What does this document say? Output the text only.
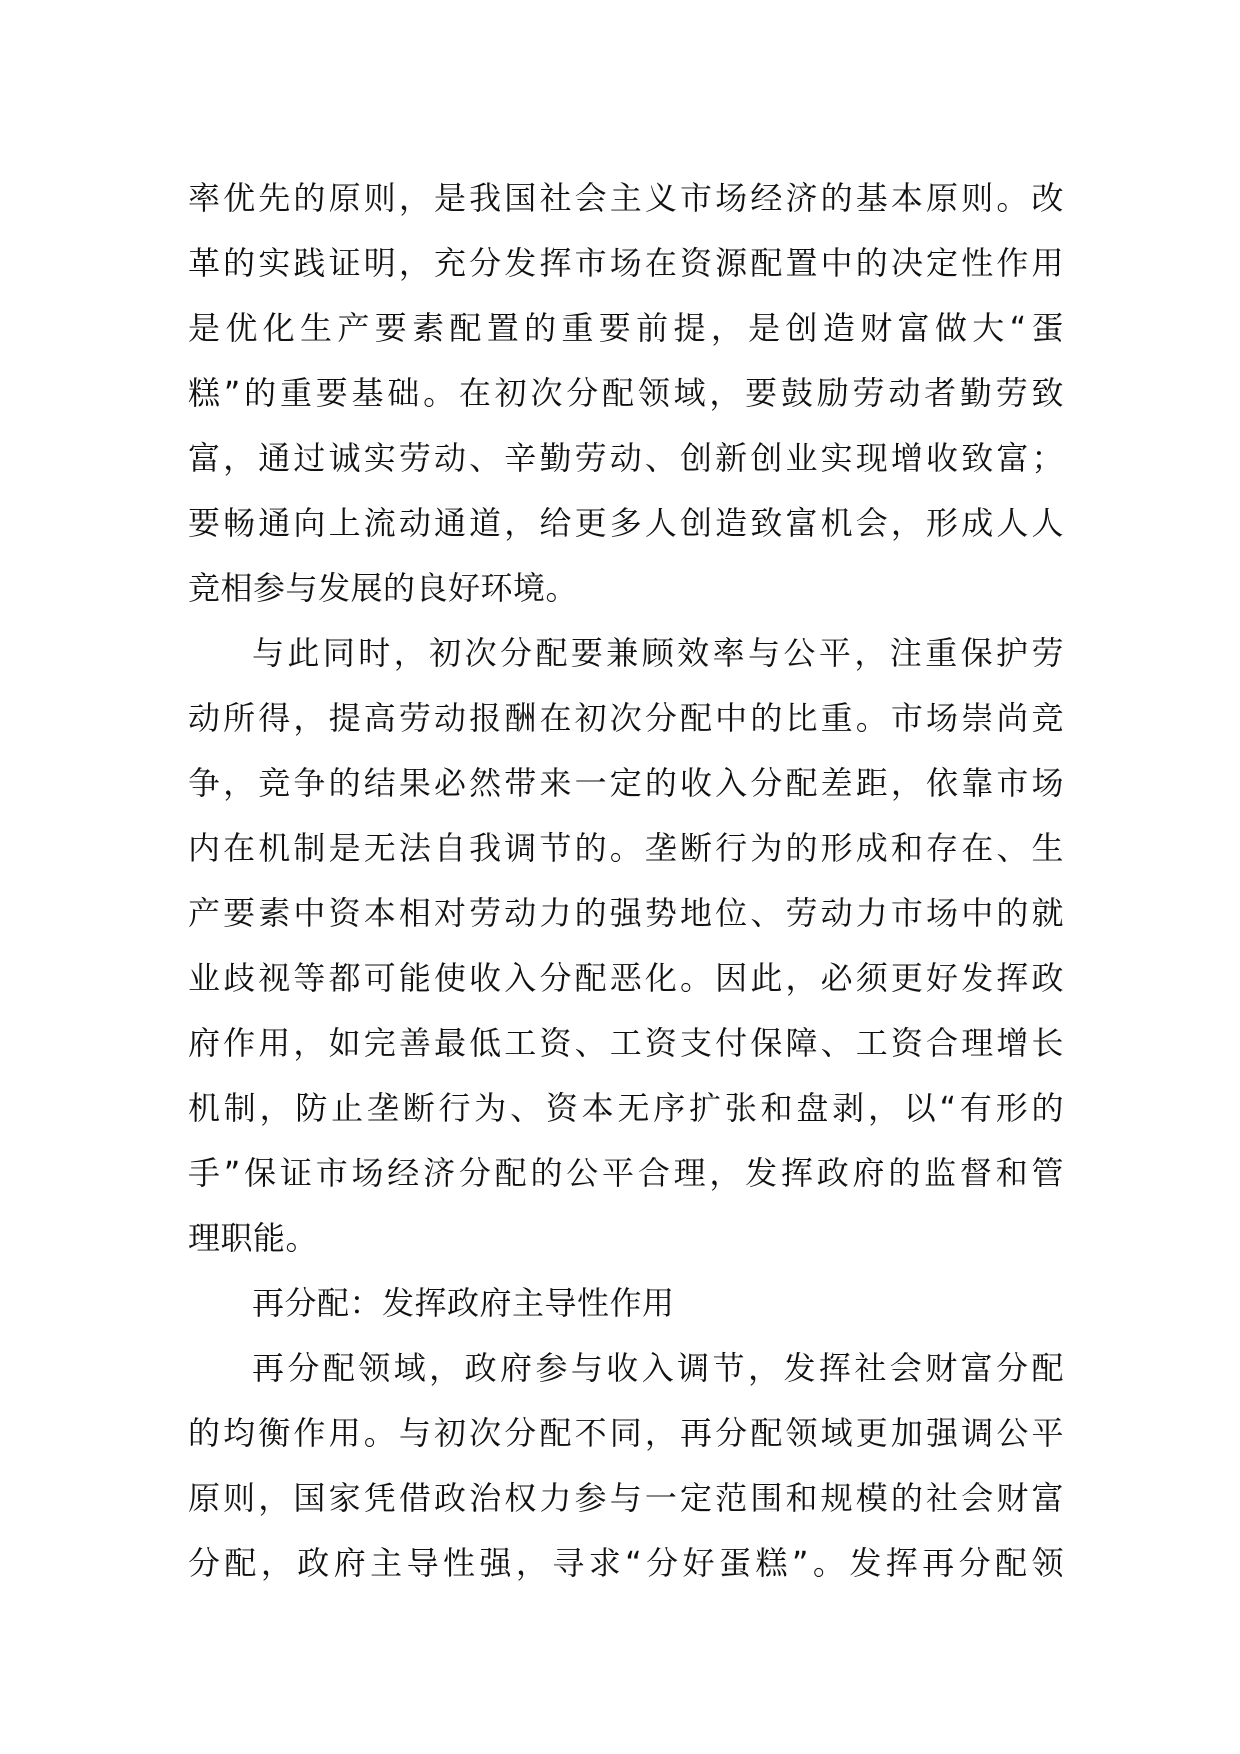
率优先的原则，是我国社会主义市场经济的基本原则。改
革的实践证明，充分发挥市场在资源配置中的决定性作用
是优化生产要素配置的重要前提，是创造财富做大“蛋
糕”的重要基础。在初次分配领域，要鼓励劳动者勤劳致
富，通过诚实劳动、辛勤劳动、创新创业实现增收致富；
要畅通向上流动通道，给更多人创造致富机会，形成人人
竞相参与发展的良好环境。
与此同时，初次分配要兼顾效率与公平，注重保护劳
动所得，提高劳动报酬在初次分配中的比重。市场崇尚竞
争，竞争的结果必然带来一定的收入分配差距，依靠市场
内在机制是无法自我调节的。垄断行为的形成和存在、生
产要素中资本相对劳动力的强势地位、劳动力市场中的就
业歧视等都可能使收入分配恶化。因此，必须更好发挥政
府作用，如完善最低工资、工资支付保障、工资合理增长
机制，防止垄断行为、资本无序扩张和盘剥，以“有形的
手”保证市场经济分配的公平合理，发挥政府的监督和管
理职能。
再分配：发挥政府主导性作用
再分配领域，政府参与收入调节，发挥社会财富分配
的均衡作用。与初次分配不同，再分配领域更加强调公平
原则，国家凭借政治权力参与一定范围和规模的社会财富
分配，政府主导性强，寻求“分好蛋糕”。发挥再分配领
